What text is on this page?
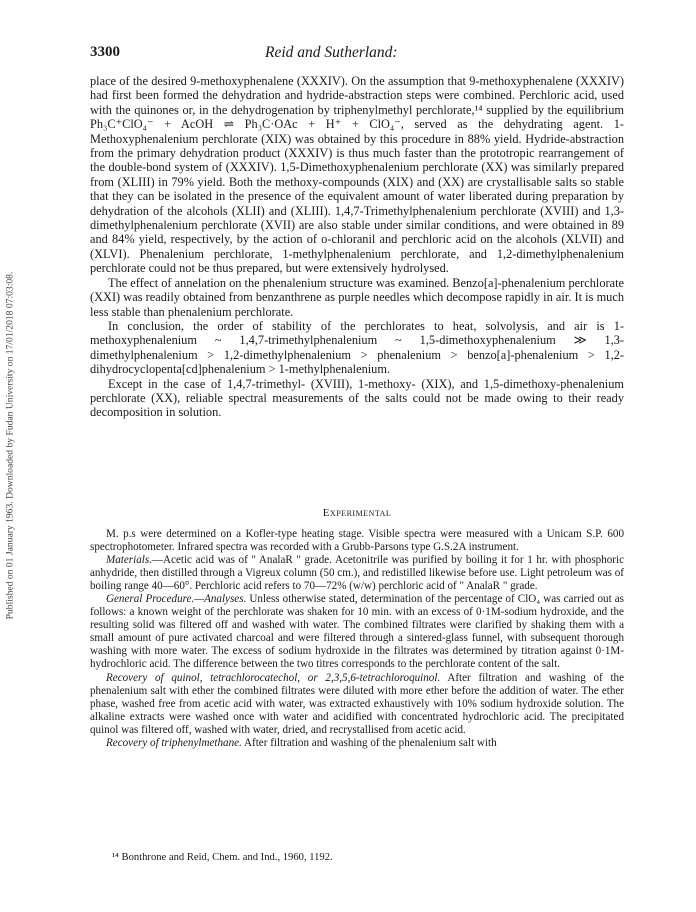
3300	Reid and Sutherland:
Published on 01 January 1963. Downloaded by Fudan University on 17/01/2018 07:03:08.

place of the desired 9-methoxyphenalene (XXXIV). On the assumption that 9-methoxyphenalene (XXXIV) had first been formed the dehydration and hydride-abstraction steps were combined. Perchloric acid, used with the quinones or, in the dehydrogenation by triphenylmethyl perchlorate,¹⁴ supplied by the equilibrium Ph₃C⁺ClO₄⁻ + AcOH ⇌ Ph₃C·OAc + H⁺ + ClO₄⁻, served as the dehydrating agent. 1-Methoxyphenalenium perchlorate (XIX) was obtained by this procedure in 88% yield. Hydride-abstraction from the primary dehydration product (XXXIV) is thus much faster than the prototropic rearrangement of the double-bond system of (XXXIV). 1,5-Dimethoxyphenalenium perchlorate (XX) was similarly prepared from (XLIII) in 79% yield. Both the methoxy-compounds (XIX) and (XX) are crystallisable salts so stable that they can be isolated in the presence of the equivalent amount of water liberated during preparation by dehydration of the alcohols (XLII) and (XLIII). 1,4,7-Trimethylphenalenium perchlorate (XVIII) and 1,3-dimethylphenalenium perchlorate (XVII) are also stable under similar conditions, and were obtained in 89 and 84% yield, respectively, by the action of o-chloranil and perchloric acid on the alcohols (XLVII) and (XLVI). Phenalenium perchlorate, 1-methylphenalenium perchlorate, and 1,2-dimethylphenalenium perchlorate could not be thus prepared, but were extensively hydrolysed.

The effect of annelation on the phenalenium structure was examined. Benzo[a]-phenalenium perchlorate (XXI) was readily obtained from benzanthrene as purple needles which decompose rapidly in air. It is much less stable than phenalenium perchlorate.

In conclusion, the order of stability of the perchlorates to heat, solvolysis, and air is 1-methoxyphenalenium ~ 1,4,7-trimethylphenalenium ~ 1,5-dimethoxyphenalenium ≫ 1,3-dimethylphenalenium > 1,2-dimethylphenalenium > phenalenium > benzo[a]-phenalenium > 1,2-dihydrocyclopenta[cd]phenalenium > 1-methylphenalenium.

Except in the case of 1,4,7-trimethyl- (XVIII), 1-methoxy- (XIX), and 1,5-dimethoxy-phenalenium perchlorate (XX), reliable spectral measurements of the salts could not be made owing to their ready decomposition in solution.

Experimental

M. p.s were determined on a Kofler-type heating stage. Visible spectra were measured with a Unicam S.P. 600 spectrophotometer. Infrared spectra was recorded with a Grubb-Parsons type G.S.2A instrument.

Materials.—Acetic acid was of " AnalaR " grade. Acetonitrile was purified by boiling it for 1 hr. with phosphoric anhydride, then distilled through a Vigreux column (50 cm.), and redistilled likewise before use. Light petroleum was of boiling range 40—60°. Perchloric acid refers to 70—72% (w/w) perchloric acid of " AnalaR " grade.

General Procedure.—Analyses. Unless otherwise stated, determination of the percentage of ClO₄ was carried out as follows: a known weight of the perchlorate was shaken for 10 min. with an excess of 0·1M-sodium hydroxide, and the resulting solid was filtered off and washed with water. The combined filtrates were clarified by shaking them with a small amount of pure activated charcoal and were filtered through a sintered-glass funnel, with subsequent thorough washing with more water. The excess of sodium hydroxide in the filtrates was determined by titration against 0·1M-hydrochloric acid. The difference between the two titres corresponds to the perchlorate content of the salt.

Recovery of quinol, tetrachlorocatechol, or 2,3,5,6-tetrachloroquinol. After filtration and washing of the phenalenium salt with ether the combined filtrates were diluted with more ether before the addition of water. The ether phase, washed free from acetic acid with water, was extracted exhaustively with 10% sodium hydroxide solution. The alkaline extracts were washed once with water and acidified with concentrated hydrochloric acid. The precipitated quinol was filtered off, washed with water, dried, and recrystallised from acetic acid.

Recovery of triphenylmethane. After filtration and washing of the phenalenium salt with

¹⁴ Bonthrone and Reid, Chem. and Ind., 1960, 1192.
